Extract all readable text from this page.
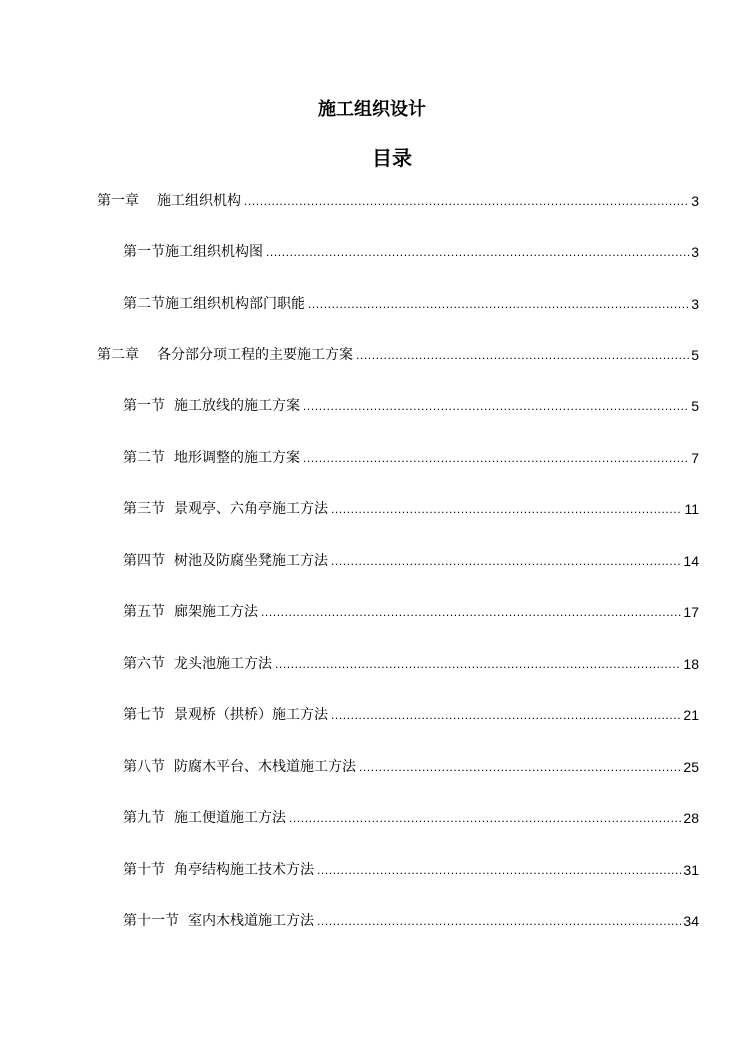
施工组织设计
目录
第一章 施工组织机构 .....	3
第一节施工组织机构图 .....	3
第二节施工组织机构部门职能 .....	3
第二章 各分部分项工程的主要施工方案 .....	5
第一节 施工放线的施工方案 .....	5
第二节 地形调整的施工方案 .....	7
第三节 景观亭、六角亭施工方法 .....	11
第四节 树池及防腐坐凳施工方法 .....	14
第五节 廊架施工方法 .....	17
第六节 龙头池施工方法 .....	18
第七节 景观桥（拱桥）施工方法 .....	21
第八节 防腐木平台、木栈道施工方法 .....	25
第九节 施工便道施工方法 .....	28
第十节 角亭结构施工技术方法 .....	31
第十一节 室内木栈道施工方法 .....	34
